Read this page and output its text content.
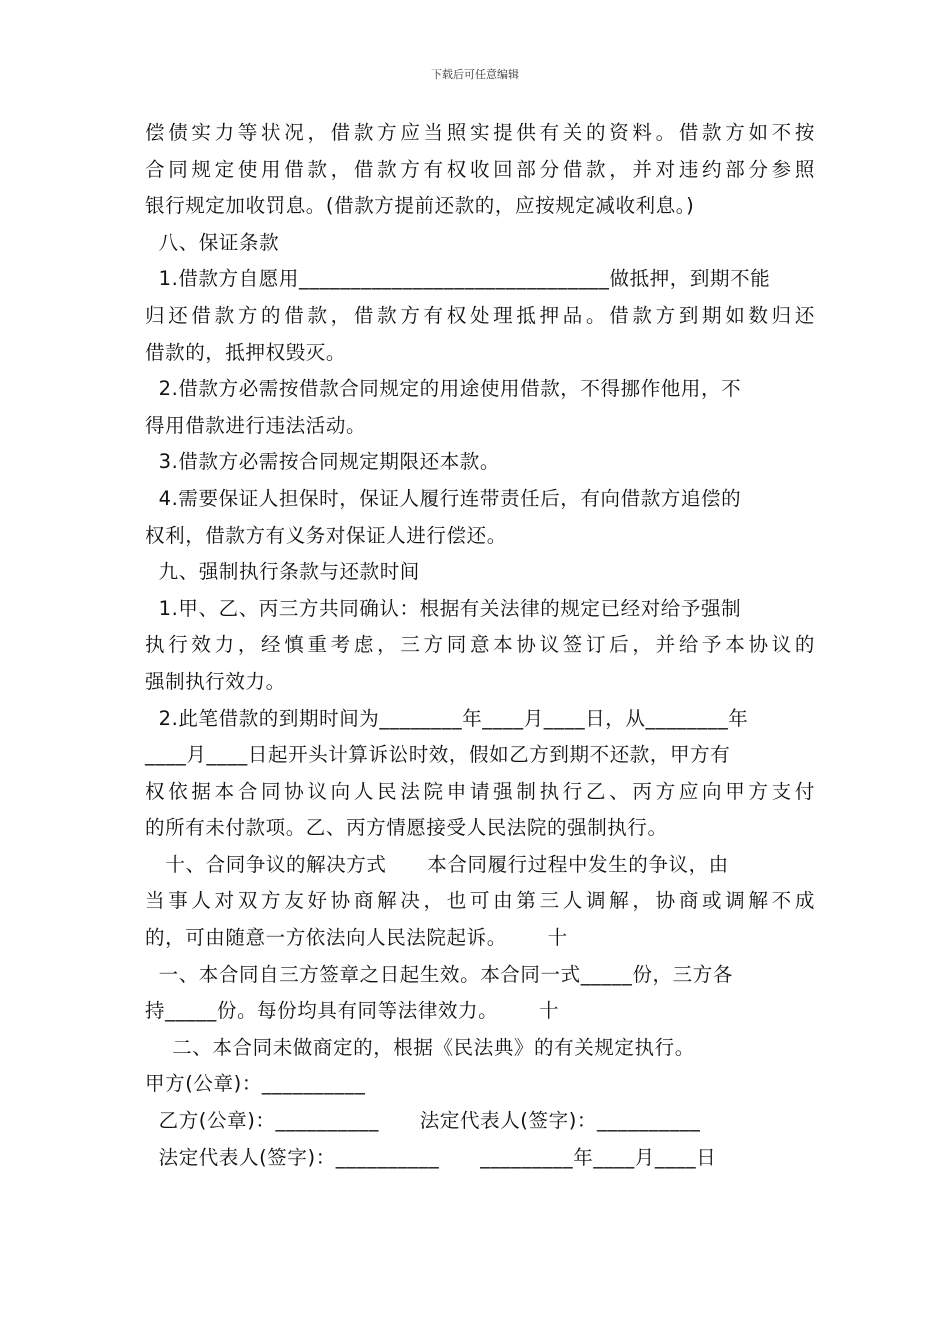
下载后可任意编辑
偿债实力等状况，借款方应当照实提供有关的资料。借款方如不按
合同规定使用借款，借款方有权收回部分借款，并对违约部分参照
银行规定加收罚息。(借款方提前还款的，应按规定减收利息。)
八、保证条款
1.借款方自愿用______________________________做抵押，到期不能
归还借款方的借款，借款方有权处理抵押品。借款方到期如数归还
借款的，抵押权毁灭。
2.借款方必需按借款合同规定的用途使用借款，不得挪作他用，不
得用借款进行违法活动。
3.借款方必需按合同规定期限还本款。
4.需要保证人担保时，保证人履行连带责任后，有向借款方追偿的
权利，借款方有义务对保证人进行偿还。
九、强制执行条款与还款时间
1.甲、乙、丙三方共同确认：根据有关法律的规定已经对给予强制
执行效力，经慎重考虑，三方同意本协议签订后，并给予本协议的
强制执行效力。
2.此笔借款的到期时间为________年____月____日，从________年
____月____日起开头计算诉讼时效，假如乙方到期不还款，甲方有
权依据本合同协议向人民法院申请强制执行乙、丙方应向甲方支付
的所有未付款项。乙、丙方情愿接受人民法院的强制执行。
十、合同争议的解决方式      本合同履行过程中发生的争议，由
当事人对双方友好协商解决，也可由第三人调解，协商或调解不成
的，可由随意一方依法向人民法院起诉。      十
一、本合同自三方签章之日起生效。本合同一式_____份，三方各
持_____份。每份均具有同等法律效力。      十
二、本合同未做商定的，根据《民法典》的有关规定执行。
甲方(公章)：__________
乙方(公章)：__________      法定代表人(签字)：__________
法定代表人(签字)：__________      _________年____月____日
